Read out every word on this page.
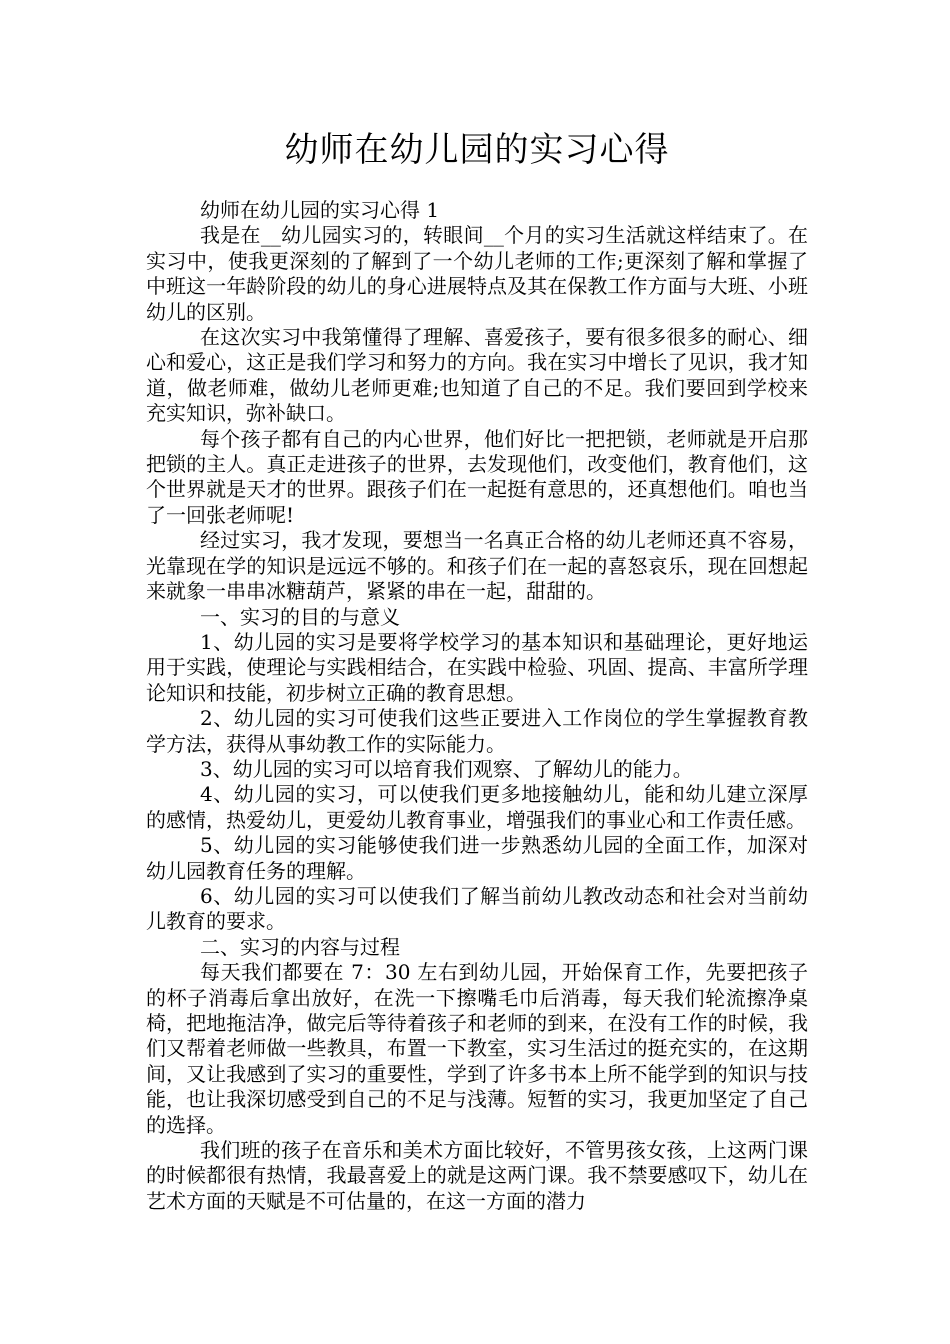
幼师在幼儿园的实习心得

幼师在幼儿园的实习心得 1

我是在__幼儿园实习的，转眼间__个月的实习生活就这样结束了。在实习中，使我更深刻的了解到了一个幼儿老师的工作;更深刻了解和掌握了中班这一年龄阶段的幼儿的身心进展特点及其在保教工作方面与大班、小班幼儿的区别。

在这次实习中我第懂得了理解、喜爱孩子，要有很多很多的耐心、细心和爱心，这正是我们学习和努力的方向。我在实习中增长了见识，我才知道，做老师难，做幼儿老师更难;也知道了自己的不足。我们要回到学校来充实知识，弥补缺口。

每个孩子都有自己的内心世界，他们好比一把把锁，老师就是开启那把锁的主人。真正走进孩子的世界，去发现他们，改变他们，教育他们，这个世界就是天才的世界。跟孩子们在一起挺有意思的，还真想他们。咱也当了一回张老师呢!

经过实习，我才发现，要想当一名真正合格的幼儿老师还真不容易，光靠现在学的知识是远远不够的。和孩子们在一起的喜怒哀乐，现在回想起来就象一串串冰糖葫芦，紧紧的串在一起，甜甜的。

一、实习的目的与意义

1、幼儿园的实习是要将学校学习的基本知识和基础理论，更好地运用于实践，使理论与实践相结合，在实践中检验、巩固、提高、丰富所学理论知识和技能，初步树立正确的教育思想。

2、幼儿园的实习可使我们这些正要进入工作岗位的学生掌握教育教学方法，获得从事幼教工作的实际能力。

3、幼儿园的实习可以培育我们观察、了解幼儿的能力。

4、幼儿园的实习，可以使我们更多地接触幼儿，能和幼儿建立深厚的感情，热爱幼儿，更爱幼儿教育事业，增强我们的事业心和工作责任感。

5、幼儿园的实习能够使我们进一步熟悉幼儿园的全面工作，加深对幼儿园教育任务的理解。

6、幼儿园的实习可以使我们了解当前幼儿教改动态和社会对当前幼儿教育的要求。

二、实习的内容与过程

每天我们都要在 7：30 左右到幼儿园，开始保育工作，先要把孩子的杯子消毒后拿出放好，在洗一下擦嘴毛巾后消毒，每天我们轮流擦净桌椅，把地拖洁净，做完后等待着孩子和老师的到来，在没有工作的时候，我们又帮着老师做一些教具，布置一下教室，实习生活过的挺充实的，在这期间，又让我感到了实习的重要性，学到了许多书本上所不能学到的知识与技能，也让我深切感受到自己的不足与浅薄。短暂的实习，我更加坚定了自己的选择。

我们班的孩子在音乐和美术方面比较好，不管男孩女孩，上这两门课的时候都很有热情，我最喜爱上的就是这两门课。我不禁要感叹下，幼儿在艺术方面的天赋是不可估量的，在这一方面的潜力
